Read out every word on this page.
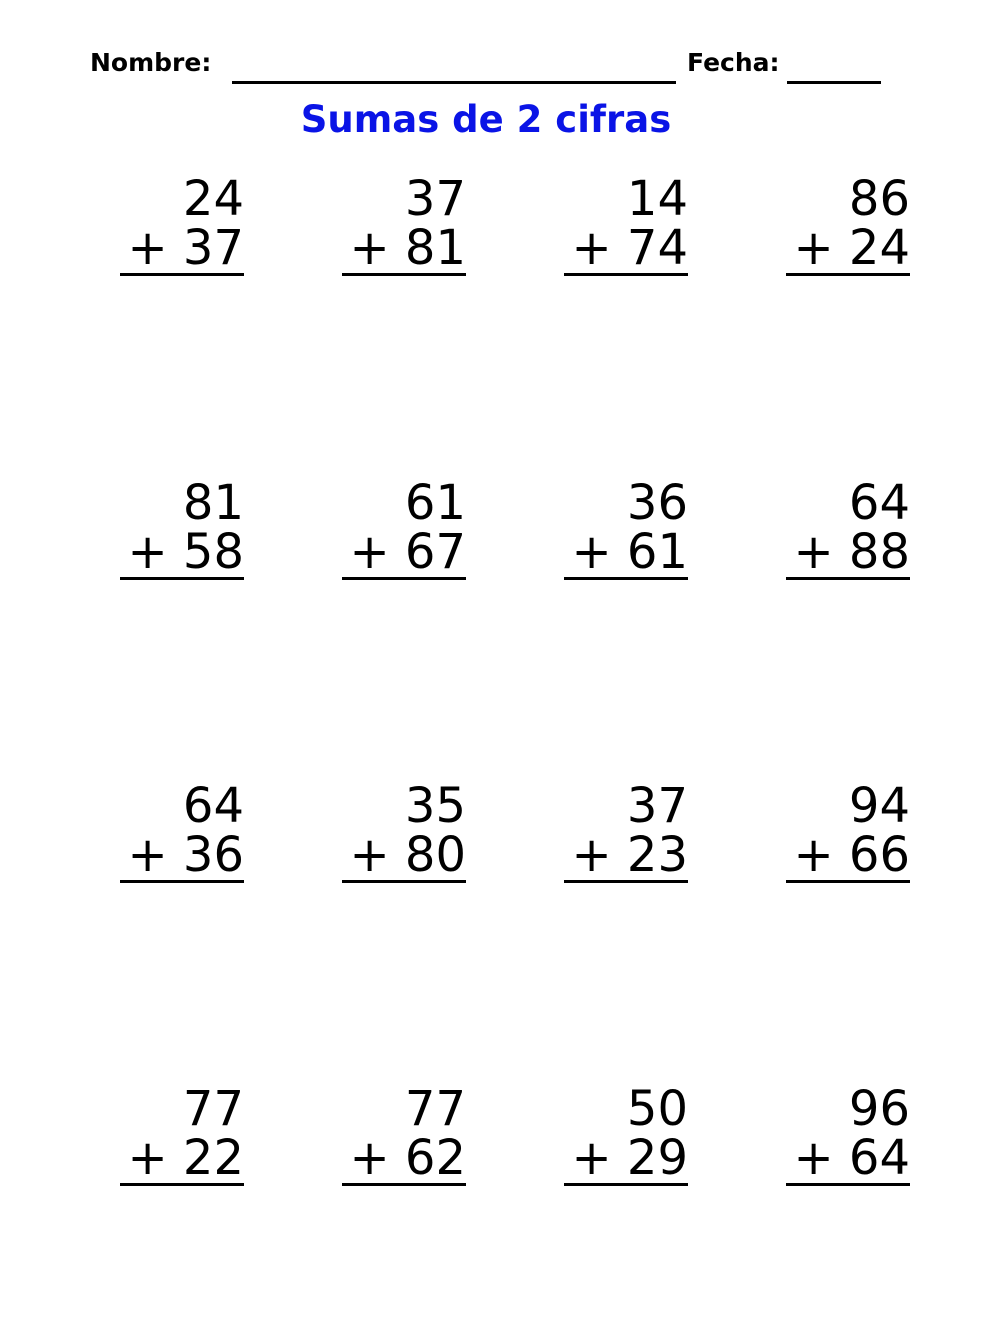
Nombre:	Fecha:
Sumas de 2 cifras
24
+ 37
37
+ 81
14
+ 74
86
+ 24
81
+ 58
61
+ 67
36
+ 61
64
+ 88
64
+ 36
35
+ 80
37
+ 23
94
+ 66
77
+ 22
77
+ 62
50
+ 29
96
+ 64
